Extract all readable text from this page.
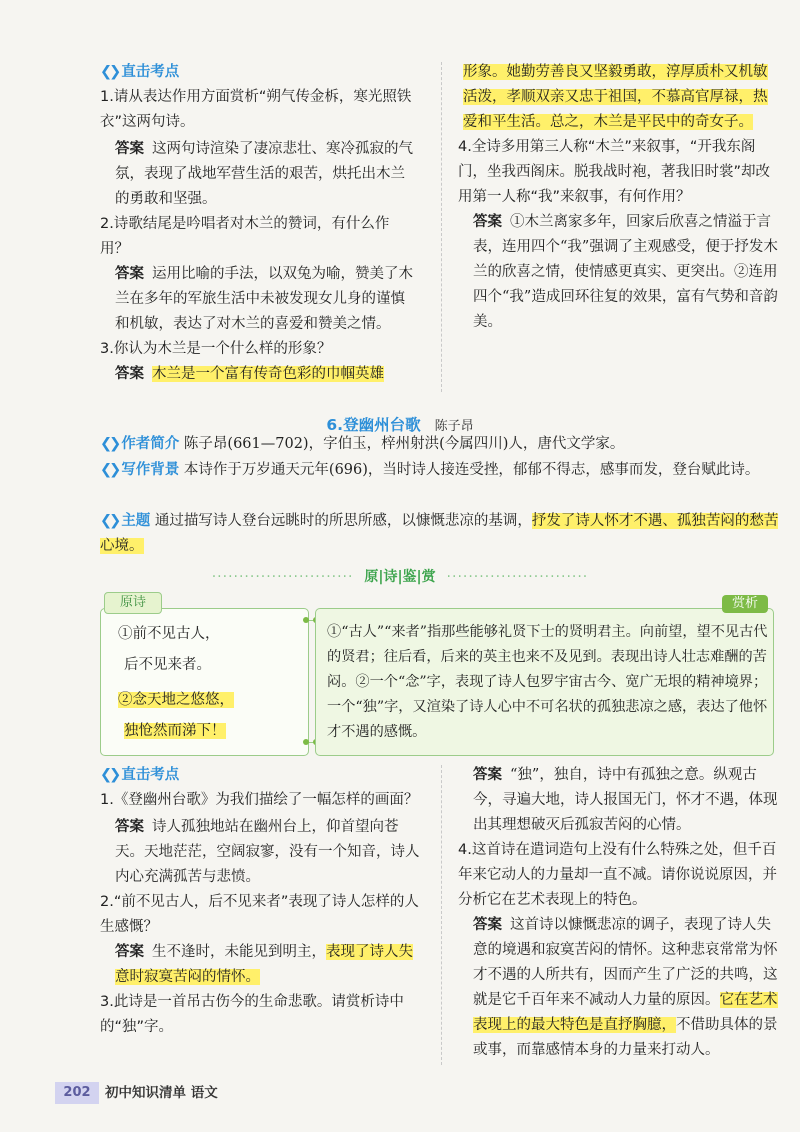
❮❯ 直击考点
1.请从表达作用方面赏析“朔气传金柝，寒光照铁衣”这两句诗。
答案 这两句诗渲染了凄凉悲壮、寒冷孤寂的气氛，表现了战地军营生活的艰苦，烘托出木兰的勇敢和坚强。
2.诗歌结尾是吟唱者对木兰的赞词，有什么作用？
答案 运用比喻的手法，以双兔为喻，赞美了木兰在多年的军旅生活中未被发现女儿身的谨慎和机敏，表达了对木兰的喜爱和赞美之情。
3.你认为木兰是一个什么样的形象？
答案 木兰是一个富有传奇色彩的巾帼英雄
形象。她勤劳善良又坚毅勇敢，淳厚质朴又机敏活泼，孝顺双亲又忠于祖国，不慕高官厚禄，热爱和平生活。总之，木兰是平民中的奇女子。
4.全诗多用第三人称“木兰”来叙事，“开我东阁门，坐我西阁床。脱我战时袍，著我旧时裳”却改用第一人称“我”来叙事，有何作用？
答案 ①木兰离家多年，回家后欣喜之情溢于言表，连用四个“我”强调了主观感受，便于抒发木兰的欣喜之情，使情感更真实、更突出。②连用四个“我”造成回环往复的效果，富有气势和音韵美。
6.登幽州台歌 陈子昂
❮❯ 作者简介 陈子昂(661—702)，字伯玉，梓州射洪(今属四川)人，唐代文学家。
❮❯ 写作背景 本诗作于万岁通天元年(696)，当时诗人接连受挫，郁郁不得志，感事而发，登台赋此诗。
❮❯ 主题 通过描写诗人登台远眺时的所思所感，以慷慨悲凉的基调，抒发了诗人怀才不遇、孤独苦闷的愁苦心境。
·························· 原|诗|鉴|赏 ··························
原诗
①前不见古人，
后不见来者。
②念天地之悠悠，
独怆然而涕下！
赏析
①“古人”“来者”指那些能够礼贤下士的贤明君主。向前望，望不见古代的贤君；往后看，后来的英主也来不及见到。表现出诗人壮志难酬的苦闷。②一个“念”字，表现了诗人包罗宇宙古今、宽广无垠的精神境界；一个“独”字，又渲染了诗人心中不可名状的孤独悲凉之感，表达了他怀才不遇的感慨。
❮❯ 直击考点
1.《登幽州台歌》为我们描绘了一幅怎样的画面？
答案 诗人孤独地站在幽州台上，仰首望向苍天。天地茫茫，空阔寂寥，没有一个知音，诗人内心充满孤苦与悲愤。
2.“前不见古人，后不见来者”表现了诗人怎样的人生感慨？
答案 生不逢时，未能见到明主，表现了诗人失意时寂寞苦闷的情怀。
3.此诗是一首吊古伤今的生命悲歌。请赏析诗中的“独”字。
答案 “独”，独自，诗中有孤独之意。纵观古今，寻遍大地，诗人报国无门，怀才不遇，体现出其理想破灭后孤寂苦闷的心情。
4.这首诗在遣词造句上没有什么特殊之处，但千百年来它动人的力量却一直不减。请你说说原因，并分析它在艺术表现上的特色。
答案 这首诗以慷慨悲凉的调子，表现了诗人失意的境遇和寂寞苦闷的情怀。这种悲哀常常为怀才不遇的人所共有，因而产生了广泛的共鸣，这就是它千百年来不减动人力量的原因。它在艺术表现上的最大特色是直抒胸臆，不借助具体的景或事，而靠感情本身的力量来打动人。
202	初中知识清单 语文
